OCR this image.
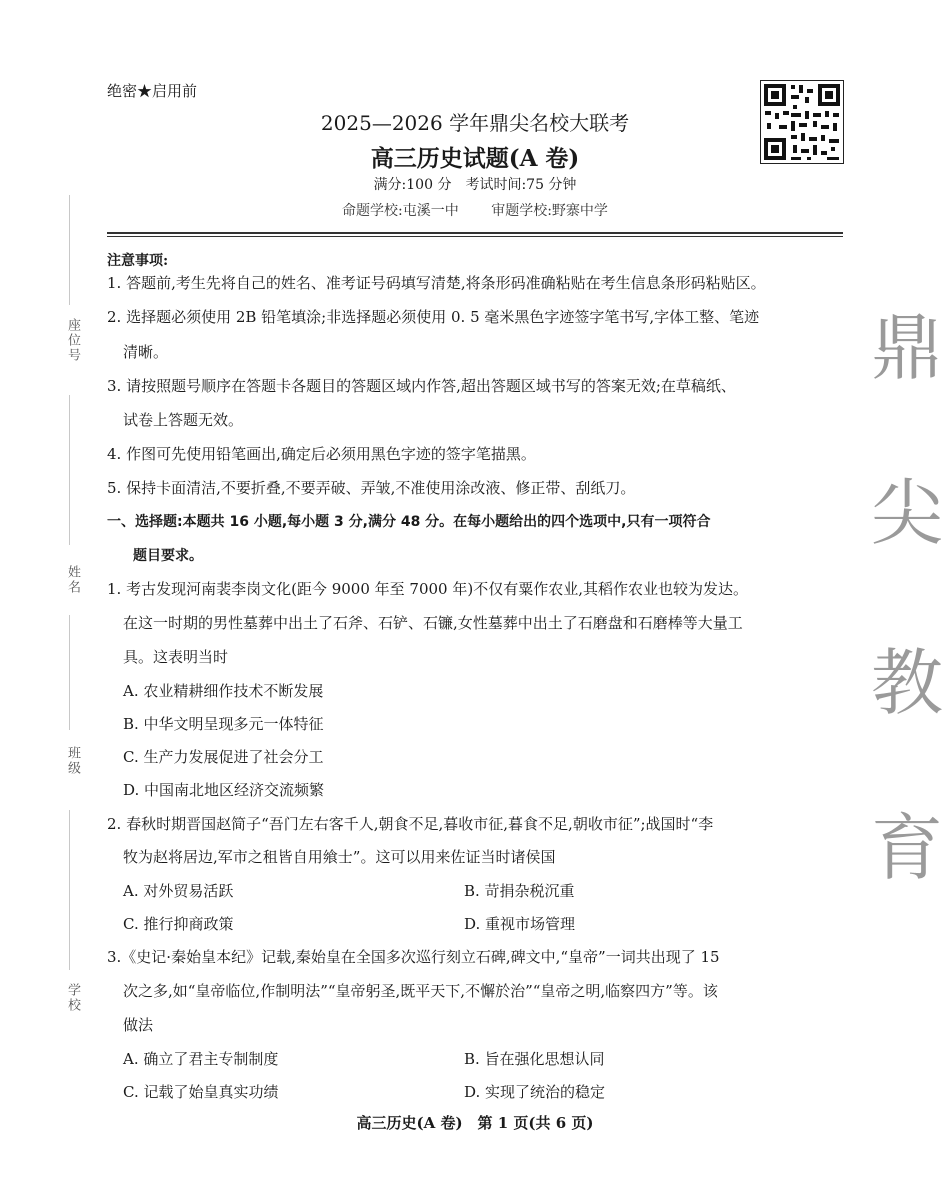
座位号
姓名
班级
学校
绝密★启用前
2025—2026 学年鼎尖名校大联考
高三历史试题(A 卷)
满分:100 分　考试时间:75 分钟
命题学校:屯溪一中 审题学校:野寨中学
注意事项:
1. 答题前,考生先将自己的姓名、准考证号码填写清楚,将条形码准确粘贴在考生信息条形码粘贴区。
2. 选择题必须使用 2B 铅笔填涂;非选择题必须使用 0. 5 毫米黑色字迹签字笔书写,字体工整、笔迹
清晰。
3. 请按照题号顺序在答题卡各题目的答题区域内作答,超出答题区域书写的答案无效;在草稿纸、
试卷上答题无效。
4. 作图可先使用铅笔画出,确定后必须用黑色字迹的签字笔描黑。
5. 保持卡面清洁,不要折叠,不要弄破、弄皱,不准使用涂改液、修正带、刮纸刀。
一、选择题:本题共 16 小题,每小题 3 分,满分 48 分。在每小题给出的四个选项中,只有一项符合
题目要求。
1. 考古发现河南裴李岗文化(距今 9000 年至 7000 年)不仅有粟作农业,其稻作农业也较为发达。
在这一时期的男性墓葬中出土了石斧、石铲、石镰,女性墓葬中出土了石磨盘和石磨棒等大量工
具。这表明当时
A. 农业精耕细作技术不断发展
B. 中华文明呈现多元一体特征
C. 生产力发展促进了社会分工
D. 中国南北地区经济交流频繁
2. 春秋时期晋国赵简子“吾门左右客千人,朝食不足,暮收市征,暮食不足,朝收市征”;战国时“李
牧为赵将居边,军市之租皆自用飨士”。这可以用来佐证当时诸侯国
A. 对外贸易活跃	B. 苛捐杂税沉重
C. 推行抑商政策	D. 重视市场管理
3.《史记·秦始皇本纪》记载,秦始皇在全国多次巡行刻立石碑,碑文中,“皇帝”一词共出现了 15
次之多,如“皇帝临位,作制明法”“皇帝躬圣,既平天下,不懈於治”“皇帝之明,临察四方”等。该
做法
A. 确立了君主专制制度	B. 旨在强化思想认同
C. 记载了始皇真实功绩	D. 实现了统治的稳定
鼎
尖
教
育
高三历史(A 卷)　第 1 页(共 6 页)
